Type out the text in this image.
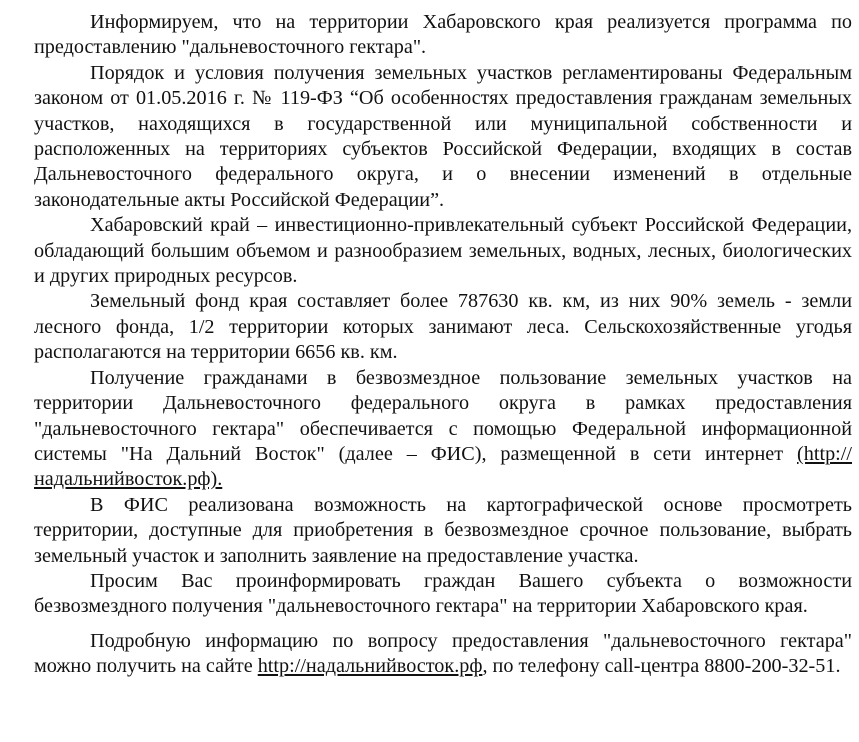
Информируем, что на территории Хабаровского края реализуется программа по предоставлению "дальневосточного гектара".

Порядок и условия получения земельных участков регламентированы Федеральным законом от 01.05.2016 г. № 119-ФЗ “Об особенностях предоставления гражданам земельных участков, находящихся в государственной или муниципальной собственности и расположенных на территориях субъектов Российской Федерации, входящих в состав Дальневосточного федерального округа, и о внесении изменений в отдельные законодательные акты Российской Федерации”.

Хабаровский край – инвестиционно-привлекательный субъект Российской Федерации, обладающий большим объемом и разнообразием земельных, водных, лесных, биологических и других природных ресурсов.

Земельный фонд края составляет более 787630 кв. км, из них 90% земель - земли лесного фонда, 1/2 территории которых занимают леса. Сельскохозяйственные угодья располагаются на территории 6656 кв. км.

Получение гражданами в безвозмездное пользование земельных участков на территории Дальневосточного федерального округа в рамках предоставления "дальневосточного гектара" обеспечивается с помощью Федеральной информационной системы "На Дальний Восток" (далее – ФИС), размещенной в сети интернет (http://надальнийвосток.рф).

В ФИС реализована возможность на картографической основе просмотреть территории, доступные для приобретения в безвозмездное срочное пользование, выбрать земельный участок и заполнить заявление на предоставление участка.

Просим Вас проинформировать граждан Вашего субъекта о возможности безвозмездного получения "дальневосточного гектара" на территории Хабаровского края.

Подробную информацию по вопросу предоставления "дальневосточного гектара" можно получить на сайте http://надальнийвосток.рф, по телефону call-центра 8800-200-32-51.
